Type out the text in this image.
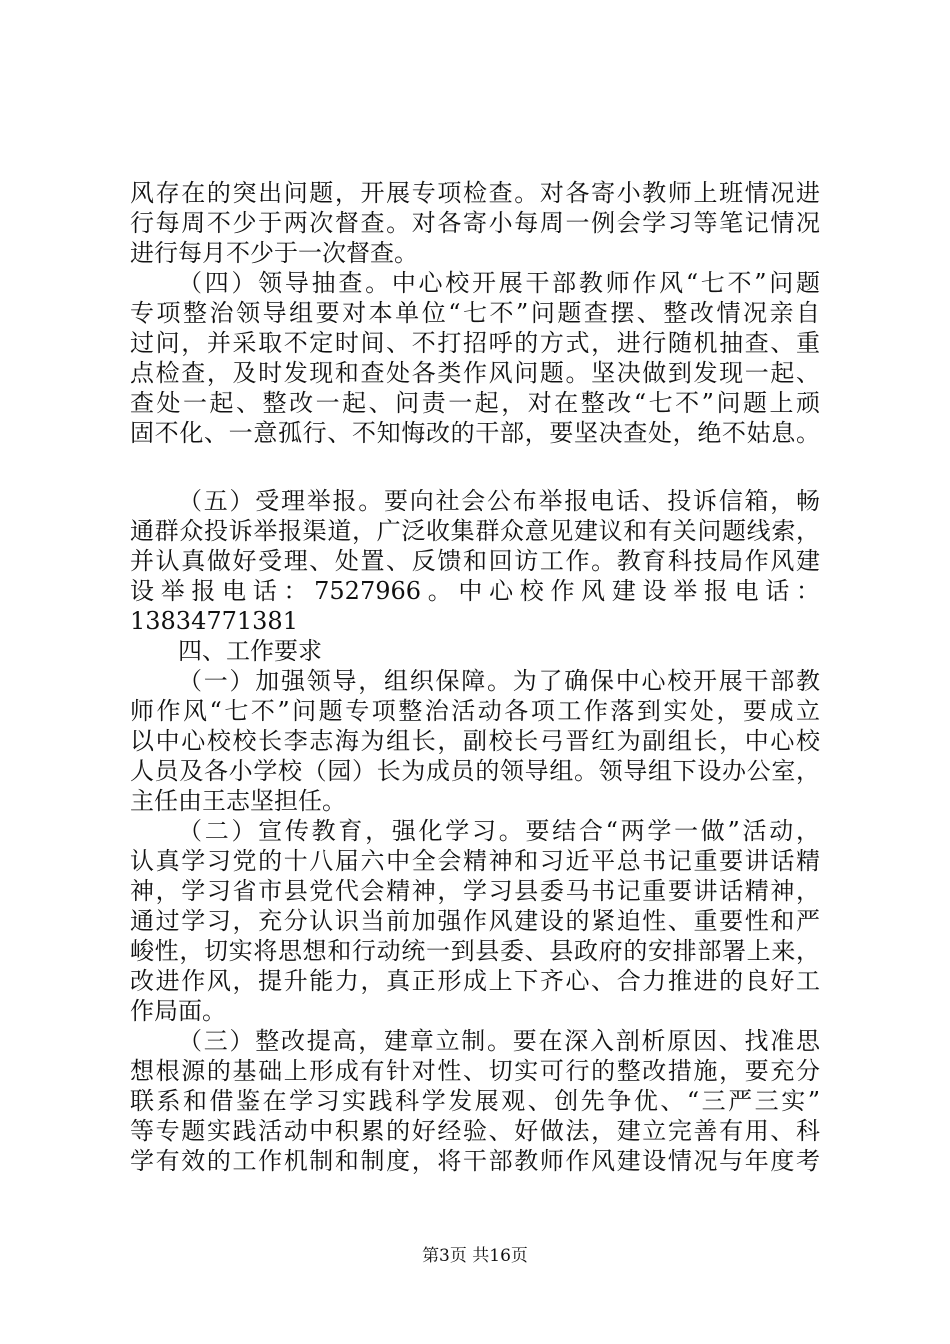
风存在的突出问题，开展专项检查。对各寄小教师上班情况进
行每周不少于两次督查。对各寄小每周一例会学习等笔记情况
进行每月不少于一次督查。
（四）领导抽查。中心校开展干部教师作风“七不”问题
专项整治领导组要对本单位“七不”问题查摆、整改情况亲自
过问，并采取不定时间、不打招呼的方式，进行随机抽查、重
点检查，及时发现和查处各类作风问题。坚决做到发现一起、
查处一起、整改一起、问责一起，对在整改“七不”问题上顽
固不化、一意孤行、不知悔改的干部，要坚决查处，绝不姑息。
（五）受理举报。要向社会公布举报电话、投诉信箱，畅
通群众投诉举报渠道，广泛收集群众意见建议和有关问题线索，
并认真做好受理、处置、反馈和回访工作。教育科技局作风建
设举报电话：7527966。中心校作风建设举报电话：
13834771381
四、工作要求
（一）加强领导，组织保障。为了确保中心校开展干部教
师作风“七不”问题专项整治活动各项工作落到实处，要成立
以中心校校长李志海为组长，副校长弓晋红为副组长，中心校
人员及各小学校（园）长为成员的领导组。领导组下设办公室，
主任由王志坚担任。
（二）宣传教育，强化学习。要结合“两学一做”活动，
认真学习党的十八届六中全会精神和习近平总书记重要讲话精
神，学习省市县党代会精神，学习县委马书记重要讲话精神，
通过学习，充分认识当前加强作风建设的紧迫性、重要性和严
峻性，切实将思想和行动统一到县委、县政府的安排部署上来，
改进作风，提升能力，真正形成上下齐心、合力推进的良好工
作局面。
（三）整改提高，建章立制。要在深入剖析原因、找准思
想根源的基础上形成有针对性、切实可行的整改措施，要充分
联系和借鉴在学习实践科学发展观、创先争优、“三严三实”
等专题实践活动中积累的好经验、好做法，建立完善有用、科
学有效的工作机制和制度，将干部教师作风建设情况与年度考
第3页 共16页
